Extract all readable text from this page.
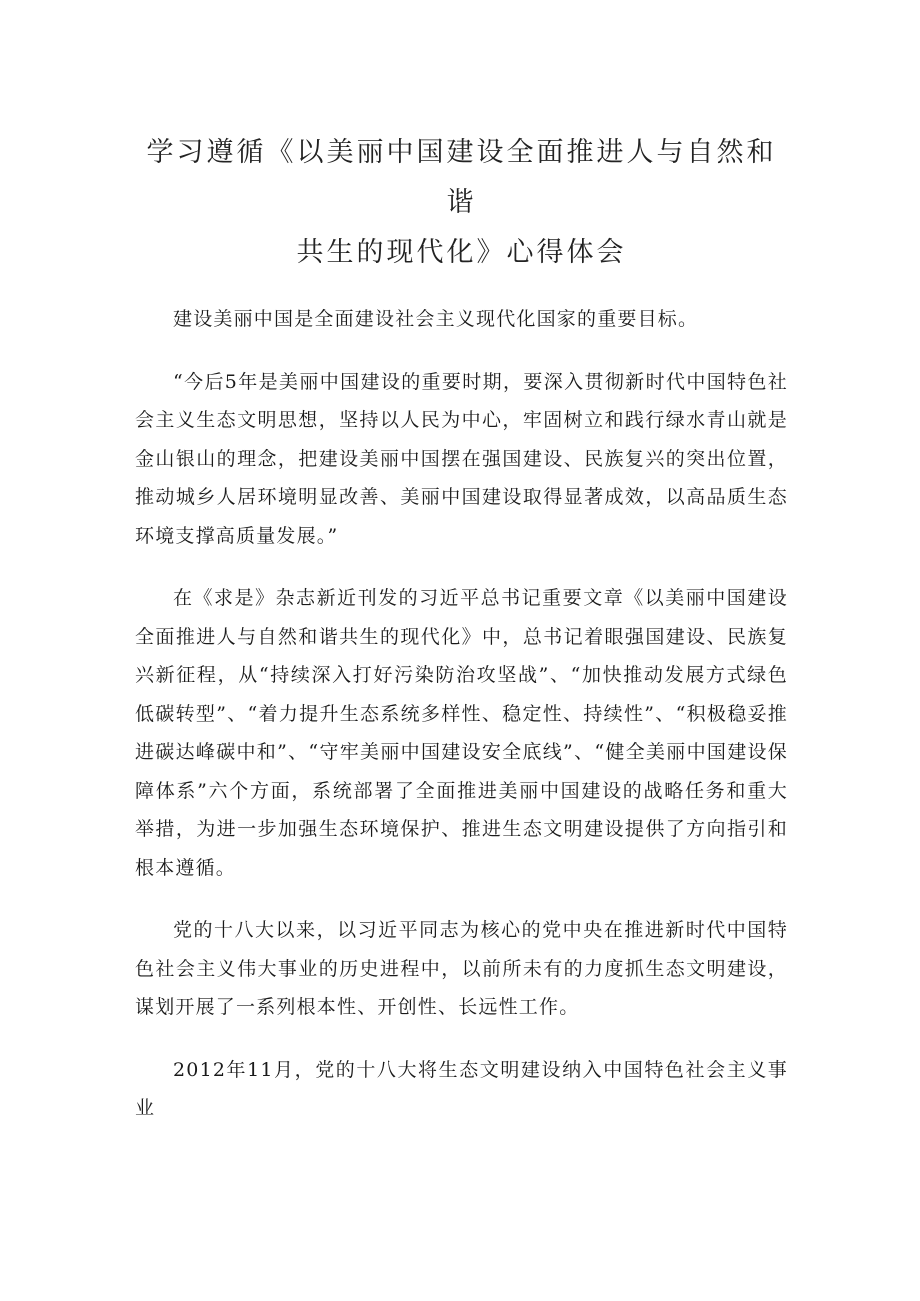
学习遵循《以美丽中国建设全面推进人与自然和谐
共生的现代化》心得体会

建设美丽中国是全面建设社会主义现代化国家的重要目标。

“今后5年是美丽中国建设的重要时期，要深入贯彻新时代中国特色社会主义生态文明思想，坚持以人民为中心，牢固树立和践行绿水青山就是金山银山的理念，把建设美丽中国摆在强国建设、民族复兴的突出位置，推动城乡人居环境明显改善、美丽中国建设取得显著成效，以高品质生态环境支撑高质量发展。”

在《求是》杂志新近刊发的习近平总书记重要文章《以美丽中国建设全面推进人与自然和谐共生的现代化》中，总书记着眼强国建设、民族复兴新征程，从“持续深入打好污染防治攻坚战”、“加快推动发展方式绿色低碳转型”、“着力提升生态系统多样性、稳定性、持续性”、“积极稳妥推进碳达峰碳中和”、“守牢美丽中国建设安全底线”、“健全美丽中国建设保障体系”六个方面，系统部署了全面推进美丽中国建设的战略任务和重大举措，为进一步加强生态环境保护、推进生态文明建设提供了方向指引和根本遵循。

党的十八大以来，以习近平同志为核心的党中央在推进新时代中国特色社会主义伟大事业的历史进程中，以前所未有的力度抓生态文明建设，谋划开展了一系列根本性、开创性、长远性工作。

2012年11月，党的十八大将生态文明建设纳入中国特色社会主义事业
